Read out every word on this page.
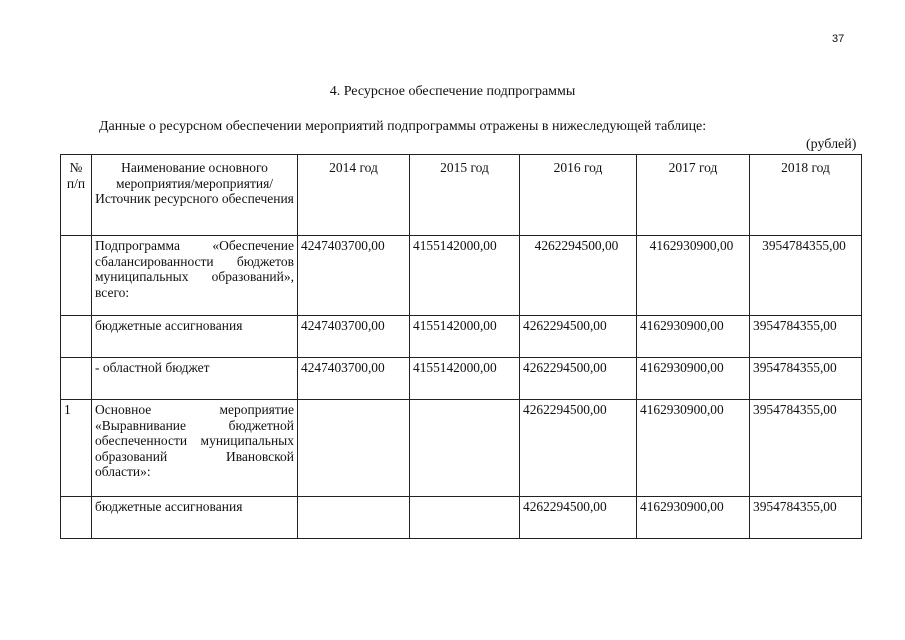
37
4. Ресурсное обеспечение подпрограммы
Данные о ресурсном обеспечении мероприятий подпрограммы отражены в нижеследующей таблице:
(рублей)
№ п/п	Наименование основного мероприятия/мероприятия/Источник ресурсного обеспечения	2014 год	2015 год	2016 год	2017 год	2018 год
	Подпрограмма «Обеспечение сбалансированности бюджетов муниципальных образований», всего:	4247403700,00	4155142000,00	4262294500,00	4162930900,00	3954784355,00
	бюджетные ассигнования	4247403700,00	4155142000,00	4262294500,00	4162930900,00	3954784355,00
	- областной бюджет	4247403700,00	4155142000,00	4262294500,00	4162930900,00	3954784355,00
1	Основное мероприятие «Выравнивание бюджетной обеспеченности муниципальных образований Ивановской области»:			4262294500,00	4162930900,00	3954784355,00
	бюджетные ассигнования			4262294500,00	4162930900,00	3954784355,00
